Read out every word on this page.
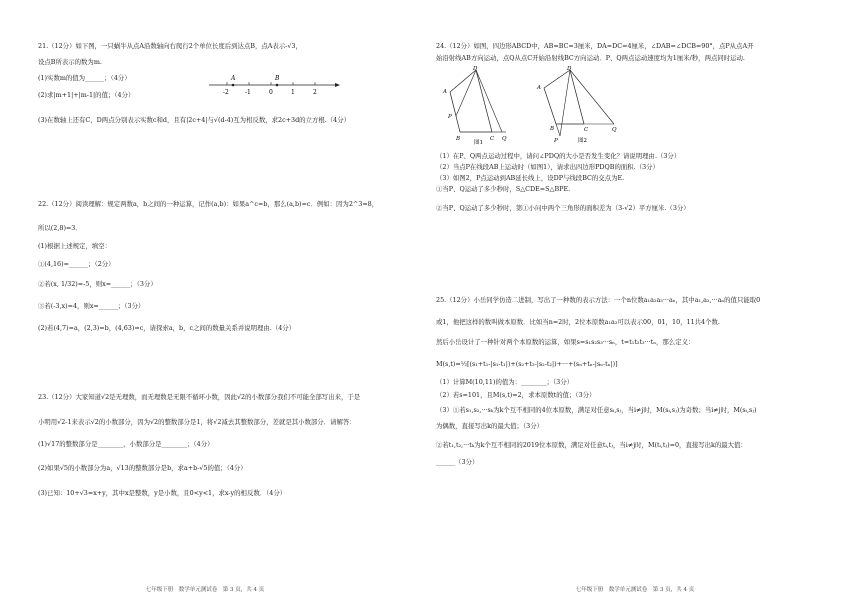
21.（12分）如下图，一只蜗牛从点A沿数轴向右爬行2个单位长度后到达点B，点A表示-√3，
设点B所表示的数为m.
(1)实数m的值为______；（4分）
(2)求|m+1|+|m-1|的值；（4分）
A	B
-2	-1	0	1	2
(3)在数轴上还有C，D两点分别表示实数c和d，且有|2c+4|与√(d-4)互为相反数，求2c+3d的立方根.（4分）
22.（12分）阅读理解：规定两数a，b之间的一种运算，记作(a,b)：如果a^c=b，那么(a,b)=c．例如：因为2^3=8，
所以(2,8)=3．
(1)根据上述规定，填空：
①(4,16)=______；（2分）
②若(x, 1/32)=-5，则x=______；（3分）
③若(-3,x)=4，则x=______；（3分）
(2)若(4,7)=a，(2,3)=b，(4,63)=c，请探索a，b，c之间的数量关系并说明理由.（4分）
23.（12分）大家知道√2是无理数，而无理数是无限不循环小数，因此√2的小数部分我们不可能全部写出来，于是
小明用√2-1来表示√2的小数部分，因为√2的整数部分是1，将√2减去其整数部分，差就是其小数部分．请解答：
(1)√17的整数部分是________，小数部分是________；（4分）
(2)如果√5的小数部分为a，√13的整数部分是b，求a+b-√5的值；（4分）
(3)已知：10+√3=x+y，其中x是整数，y是小数，且0<y<1，求x-y的相反数．（4分）
七年级下册　数学单元测试卷　第 3 页，共 4 页
24.（12分）如图，四边形ABCD中，AB=BC=3厘米，DA=DC=4厘米，∠DAB=∠DCB=90°，点P从点A开
始沿射线AB方向运动，点Q从点C开始沿射线BC方向运动．P、Q两点运动速度均为1厘米/秒，两点同时运动.
D
A
P
B	C Q
图1
D
A
B	C
P
Q
图2
（1）在P、Q两点运动过程中，请问∠PDQ的大小是否发生变化？请说明理由.（3分）
（2）当点P在线段AB上运动时（如图1），请求出四边形PDQB的面积.（3分）
（3）如图2，P点运动到AB延长线上，设DP与线段BC的交点为E.
①当P、Q运动了多少秒时，S△CDE=S△BPE.
②当P、Q运动了多少秒时，第①小问中两个三角形的面积差为（3-√2）平方厘米.（3分）
25.（12分）小岳同学仿造二进制，写出了一种数的表示方法：一个n位数a₁a₂a₃···aₙ，其中a₁,a₂,···aₙ的值只能取0
或1，他把这样的数叫做本原数．比如当n=2时，2位本原数a₁a₂可以表示00，01，10，11共4个数.
然后小岳设计了一种针对两个本原数的运算，如果s=s₁s₂s₃···sₙ，t=t₁t₂t₃···tₙ，那么定义：
M(s,t)=½[(s₁+t₁-|s₁-t₁|)+(s₂+t₂-|s₂-t₂|)+···+(sₙ+tₙ-|sₙ-tₙ|)]
（1）计算M(10,11)的值为：________；（3分）
（2）若s=101，且M(s,t)=2，求本原数t的值；（3分）
（3）①若s₁,s₂,···sₖ为k个互不相同的4位本原数，满足对任意sᵢ,sⱼ，当i≠j时，M(sᵢ,sⱼ)为奇数；当i≠j时，M(sᵢ,sⱼ)
为偶数，直接写出k的最大值；（3分）
②若t₁,t₂,···tₖ为k个互不相同的2019位本原数，满足对任意tᵢ,tⱼ，当i≠j时，M(tᵢ,tⱼ)=0，直接写出k的最大值：
______（3分）
七年级下册　数学单元测试卷　第 3 页，共 4 页
